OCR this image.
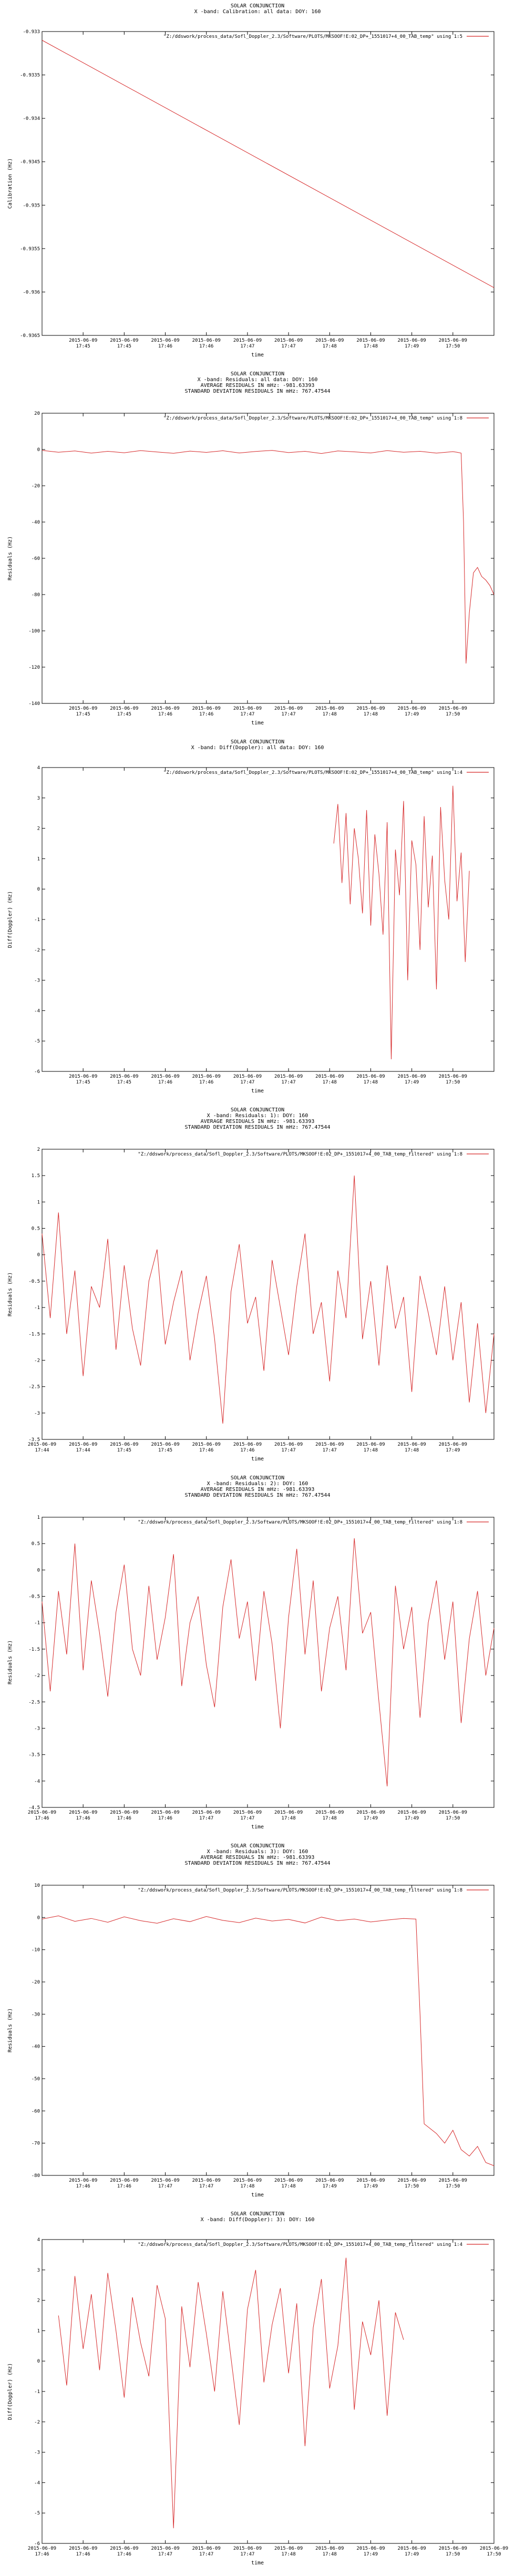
SOLAR CONJUNCTION
X -band: Calibration: all data: DOY: 160
"Z:/ddswork/process_data/Sofl_Doppler_2.3/Software/PLOTS/MKSOOF!E:02_DP+_1551017+4_00_TAB_temp" using 1:5
-0.933
-0.9335
-0.934
-0.9345
-0.935
-0.9355
-0.936
-0.9365
2015-06-09
17:45
2015-06-09
17:45
2015-06-09
17:46
2015-06-09
17:46
2015-06-09
17:47
2015-06-09
17:47
2015-06-09
17:48
2015-06-09
17:48
2015-06-09
17:49
2015-06-09
17:50
time
Calibration (Hz)
SOLAR CONJUNCTION
X -band: Residuals: all data: DOY: 160
AVERAGE RESIDUALS IN mHz: -981.63393
STANDARD DEVIATION RESIDUALS IN mHz: 767.47544
"Z:/ddswork/process_data/Sofl_Doppler_2.3/Software/PLOTS/MKSOOF!E:02_DP+_1551017+4_00_TAB_temp" using 1:8
20
0
-20
-40
-60
-80
-100
-120
-140
2015-06-09
17:45
2015-06-09
17:45
2015-06-09
17:46
2015-06-09
17:46
2015-06-09
17:47
2015-06-09
17:47
2015-06-09
17:48
2015-06-09
17:48
2015-06-09
17:49
2015-06-09
17:50
time
Residuals (Hz)
SOLAR CONJUNCTION
X -band: Diff(Doppler): all data: DOY: 160
"Z:/ddswork/process_data/Sofl_Doppler_2.3/Software/PLOTS/MKSOOF!E:02_DP+_1551017+4_00_TAB_temp" using 1:4
4
3
2
1
0
-1
-2
-3
-4
-5
-6
2015-06-09
17:45
2015-06-09
17:45
2015-06-09
17:46
2015-06-09
17:46
2015-06-09
17:47
2015-06-09
17:47
2015-06-09
17:48
2015-06-09
17:48
2015-06-09
17:49
2015-06-09
17:50
time
Diff(Doppler) (Hz)
SOLAR CONJUNCTION
X -band: Residuals: 1): DOY: 160
AVERAGE RESIDUALS IN mHz: -981.63393
STANDARD DEVIATION RESIDUALS IN mHz: 767.47544
"Z:/ddswork/process_data/Sofl_Doppler_2.3/Software/PLOTS/MKSOOF!E:02_DP+_1551017+4_00_TAB_temp_filtered" using 1:8
2
1.5
1
0.5
0
-0.5
-1
-1.5
-2
-2.5
-3
-3.5
2015-06-09
17:44
2015-06-09
17:44
2015-06-09
17:45
2015-06-09
17:45
2015-06-09
17:46
2015-06-09
17:46
2015-06-09
17:47
2015-06-09
17:47
2015-06-09
17:48
2015-06-09
17:48
2015-06-09
17:49
time
Residuals (Hz)
SOLAR CONJUNCTION
X -band: Residuals: 2): DOY: 160
AVERAGE RESIDUALS IN mHz: -981.63393
STANDARD DEVIATION RESIDUALS IN mHz: 767.47544
"Z:/ddswork/process_data/Sofl_Doppler_2.3/Software/PLOTS/MKSOOF!E:02_DP+_1551017+4_00_TAB_temp_filtered" using 1:8
1
0.5
0
-0.5
-1
-1.5
-2
-2.5
-3
-3.5
-4
-4.5
2015-06-09
17:46
2015-06-09
17:46
2015-06-09
17:46
2015-06-09
17:46
2015-06-09
17:47
2015-06-09
17:47
2015-06-09
17:48
2015-06-09
17:48
2015-06-09
17:49
2015-06-09
17:49
2015-06-09
17:50
time
Residuals (Hz)
SOLAR CONJUNCTION
X -band: Residuals: 3): DOY: 160
AVERAGE RESIDUALS IN mHz: -981.63393
STANDARD DEVIATION RESIDUALS IN mHz: 767.47544
"Z:/ddswork/process_data/Sofl_Doppler_2.3/Software/PLOTS/MKSOOF!E:02_DP+_1551017+4_00_TAB_temp_filtered" using 1:8
10
0
-10
-20
-30
-40
-50
-60
-70
-80
2015-06-09
17:46
2015-06-09
17:46
2015-06-09
17:47
2015-06-09
17:47
2015-06-09
17:48
2015-06-09
17:48
2015-06-09
17:49
2015-06-09
17:49
2015-06-09
17:50
2015-06-09
17:50
time
Residuals (Hz)
SOLAR CONJUNCTION
X -band: Diff(Doppler): 3): DOY: 160
"Z:/ddswork/process_data/Sofl_Doppler_2.3/Software/PLOTS/MKSOOF!E:02_DP+_1551017+4_00_TAB_temp_filtered" using 1:4
4
3
2
1
0
-1
-2
-3
-4
-5
-6
2015-06-09
17:46
2015-06-09
17:46
2015-06-09
17:46
2015-06-09
17:47
2015-06-09
17:47
2015-06-09
17:47
2015-06-09
17:48
2015-06-09
17:48
2015-06-09
17:49
2015-06-09
17:49
2015-06-09
17:50
2015-06-09
17:50
time
Diff(Doppler) (Hz)
